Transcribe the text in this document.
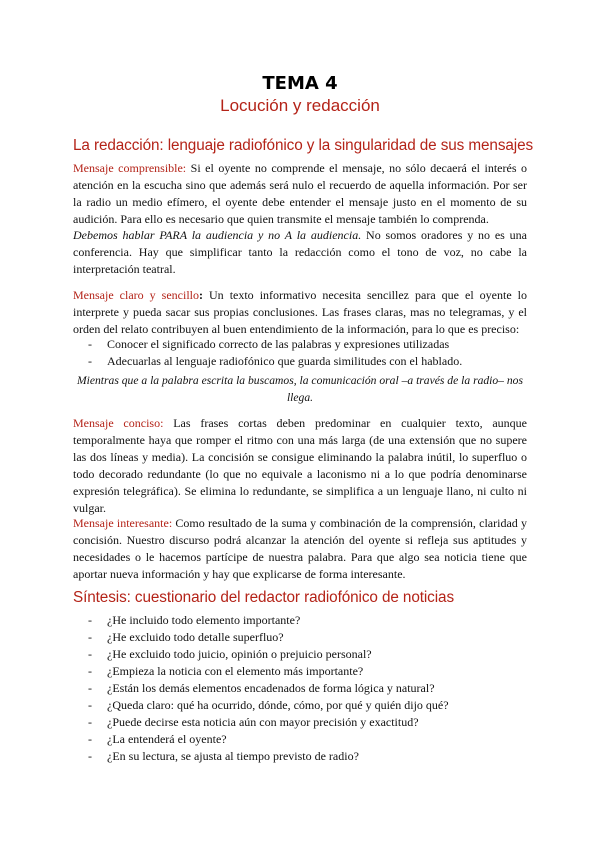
TEMA 4
Locución y redacción
La redacción: lenguaje radiofónico y la singularidad de sus mensajes
Mensaje comprensible: Si el oyente no comprende el mensaje, no sólo decaerá el interés o atención en la escucha sino que además será nulo el recuerdo de aquella información. Por ser la radio un medio efímero, el oyente debe entender el mensaje justo en el momento de su audición. Para ello es necesario que quien transmite el mensaje también lo comprenda.
Debemos hablar PARA la audiencia y no A la audiencia. No somos oradores y no es una conferencia. Hay que simplificar tanto la redacción como el tono de voz, no cabe la interpretación teatral.
Mensaje claro y sencillo: Un texto informativo necesita sencillez para que el oyente lo interprete y pueda sacar sus propias conclusiones. Las frases claras, mas no telegramas, y el orden del relato contribuyen al buen entendimiento de la información, para lo que es preciso:
- Conocer el significado correcto de las palabras y expresiones utilizadas
- Adecuarlas al lenguaje radiofónico que guarda similitudes con el hablado.
Mientras que a la palabra escrita la buscamos, la comunicación oral –a través de la radio– nos llega.
Mensaje conciso: Las frases cortas deben predominar en cualquier texto, aunque temporalmente haya que romper el ritmo con una más larga (de una extensión que no supere las dos líneas y media). La concisión se consigue eliminando la palabra inútil, lo superfluo o todo decorado redundante (lo que no equivale a laconismo ni a lo que podría denominarse expresión telegráfica). Se elimina lo redundante, se simplifica a un lenguaje llano, ni culto ni vulgar.
Mensaje interesante: Como resultado de la suma y combinación de la comprensión, claridad y concisión. Nuestro discurso podrá alcanzar la atención del oyente si refleja sus aptitudes y necesidades o le hacemos partícipe de nuestra palabra. Para que algo sea noticia tiene que aportar nueva información y hay que explicarse de forma interesante.
Síntesis: cuestionario del redactor radiofónico de noticias
- ¿He incluido todo elemento importante?
- ¿He excluido todo detalle superfluo?
- ¿He excluido todo juicio, opinión o prejuicio personal?
- ¿Empieza la noticia con el elemento más importante?
- ¿Están los demás elementos encadenados de forma lógica y natural?
- ¿Queda claro: qué ha ocurrido, dónde, cómo, por qué y quién dijo qué?
- ¿Puede decirse esta noticia aún con mayor precisión y exactitud?
- ¿La entenderá el oyente?
- ¿En su lectura, se ajusta al tiempo previsto de radio?
